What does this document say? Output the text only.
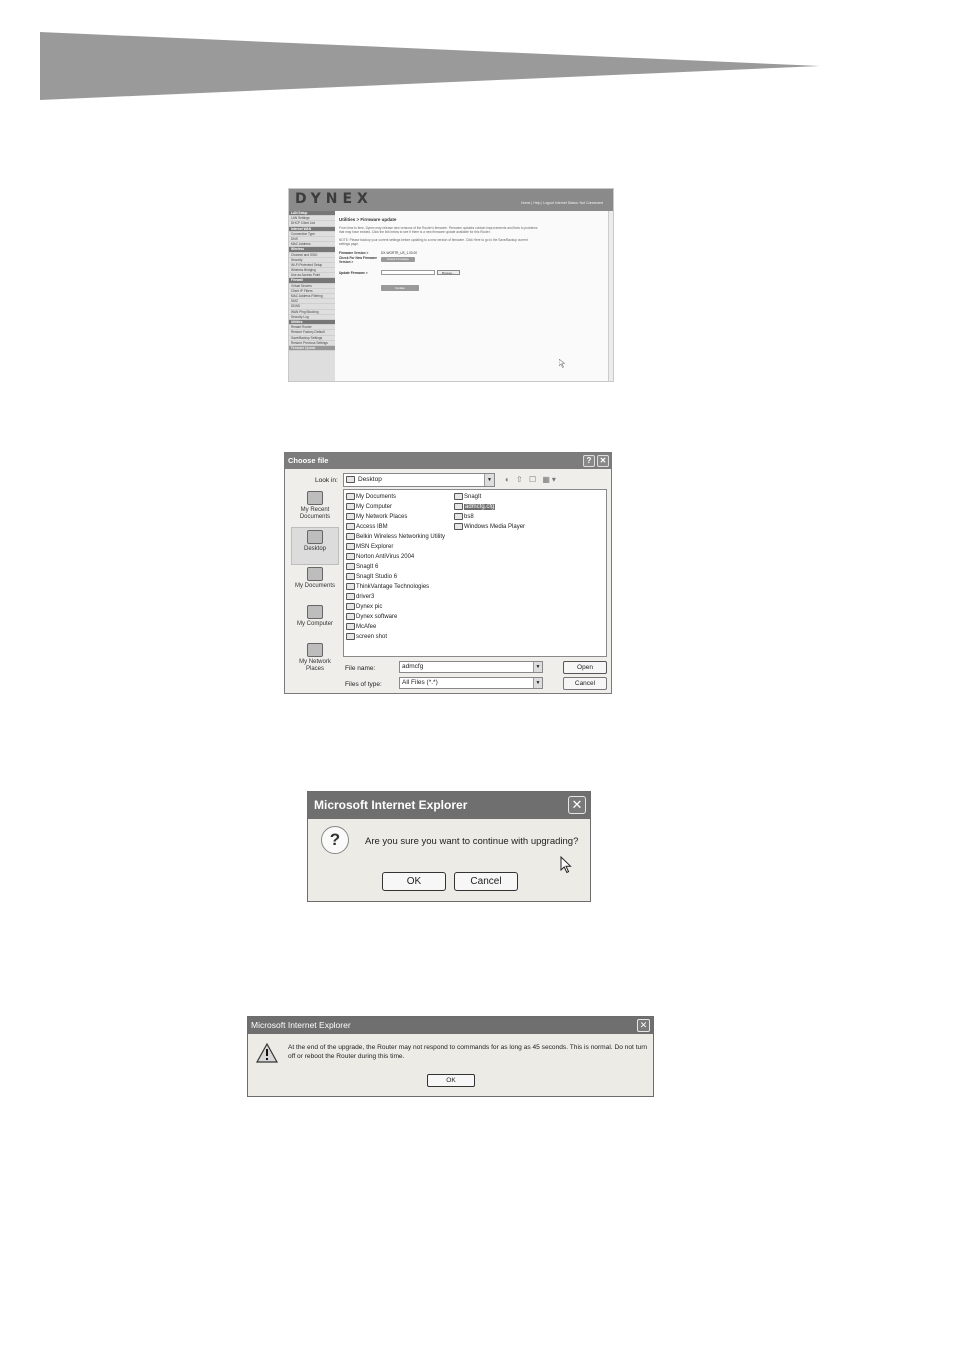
DYNEX	Home | Help | Logout Internet Status: Not Connected
LAN Setup
LAN Settings
DHCP Client List
Internet WAN
Connection Type
DNS
MAC Address
Wireless
Channel and SSID
Security
Wi-Fi Protected Setup
Wireless Bridging
Use as Access Point
Firewall
Virtual Servers
Client IP Filters
MAC Address Filtering
DMZ
DDNS
WAN Ping Blocking
Security Log
Utilities
Restart Router
Restore Factory Default
Save/Backup Settings
Restore Previous Settings
Firmware Update
Utilities > Firmware update
From time to time, Dynex may release new versions of the Router's firmware. Firmware updates contain improvements and fixes to problems that may have existed. Click the link below to see if there is a new firmware update available for this Router.
NOTE: Please backup your current settings before updating to a new version of firmware. Click Here to go to the Save/Backup current settings page.
Firmware Version >	DX-WGRTR_US_1.00.00
Check For New Firmware Version >
Check Firmware
Update Firmware >	Browse...
Update
Choose file	?	✕
Look in:	Desktop	▼ ◐ ⇧ ☐ ▦▾
My Recent Documents
Desktop
My Documents
My Computer
My Network Places
My Documents
My Computer
My Network Places
Access IBM
Belkin Wireless Networking Utility
MSN Explorer
Norton AntiVirus 2004
SnagIt 6
SnagIt Studio 6
ThinkVantage Technologies
driver3
Dynex pic
Dynex software
McAfee
screen shot
SnagIt
admcfg.cfg
bs8
Windows Media Player
File name:	admcfg	▼
Files of type:	All Files (*.*)	▼
Open
Cancel
Microsoft Internet Explorer	✕
?	Are you sure you want to continue with upgrading?
OK	Cancel
Microsoft Internet Explorer	✕
At the end of the upgrade, the Router may not respond to commands for as long as 45 seconds. This is normal. Do not turn off or reboot the Router during this time.
OK
